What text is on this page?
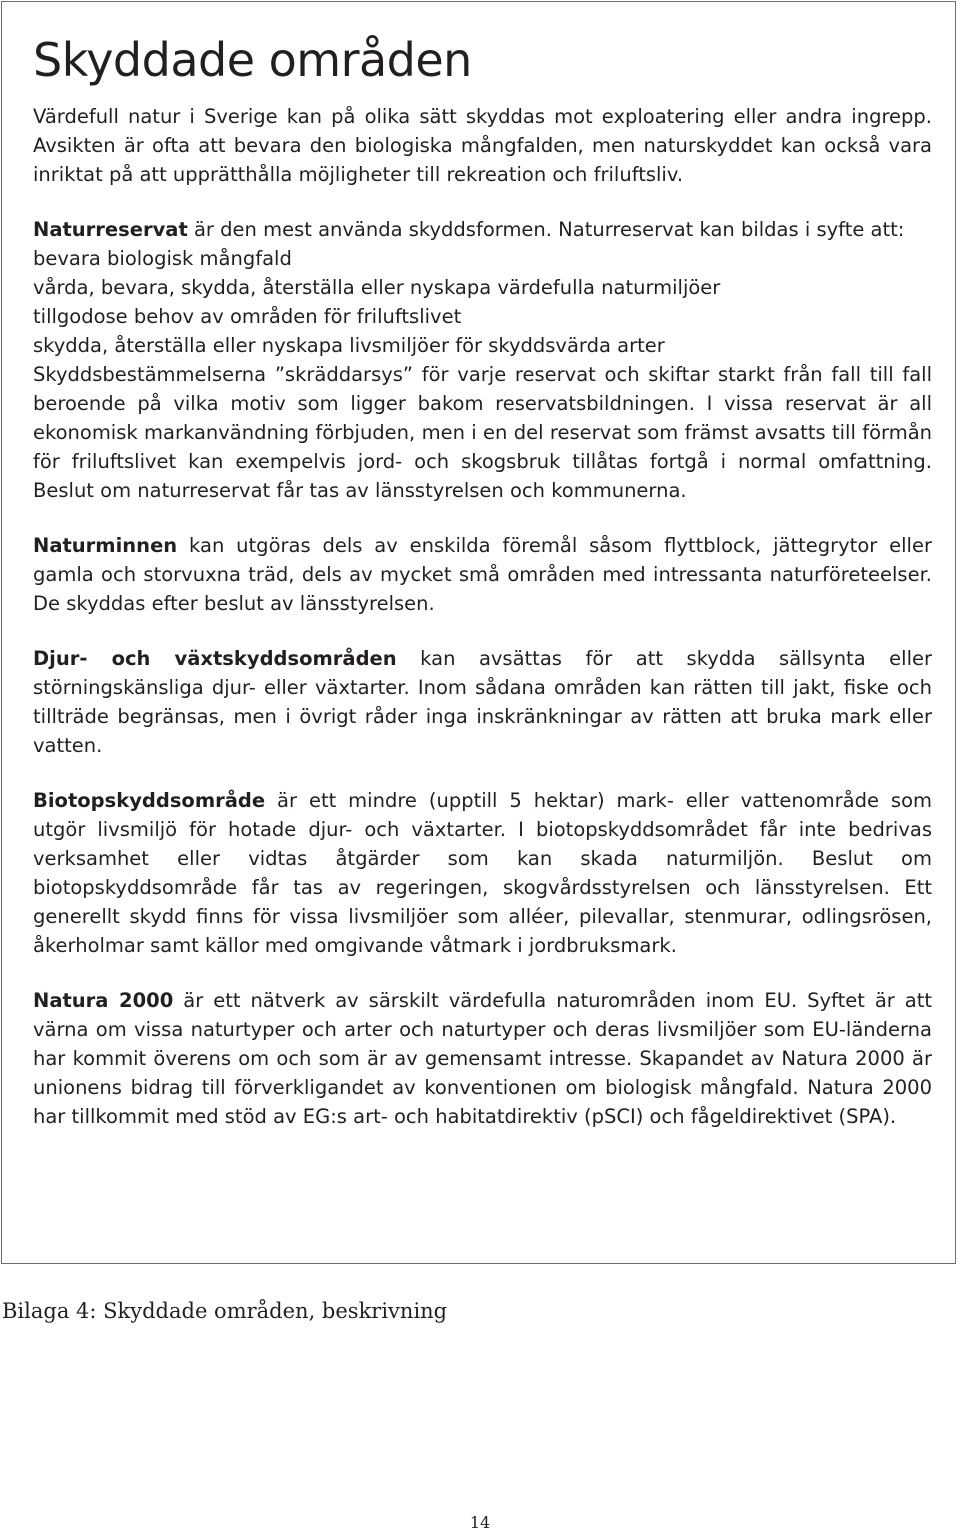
Skyddade områden

Värdefull natur i Sverige kan på olika sätt skyddas mot exploatering eller andra ingrepp. Avsikten är ofta att bevara den biologiska mångfalden, men naturskyddet kan också vara inriktat på att upprätthålla möjligheter till rekreation och friluftsliv.

Naturreservat är den mest använda skyddsformen. Naturreservat kan bildas i syfte att:

bevara biologisk mångfald
vårda, bevara, skydda, återställa eller nyskapa värdefulla naturmiljöer
tillgodose behov av områden för friluftslivet
skydda, återställa eller nyskapa livsmiljöer för skyddsvärda arter

Skyddsbestämmelserna ”skräddarsys” för varje reservat och skiftar starkt från fall till fall beroende på vilka motiv som ligger bakom reservatsbildningen. I vissa reservat är all ekonomisk markanvändning förbjuden, men i en del reservat som främst avsatts till förmån för friluftslivet kan exempelvis jord- och skogsbruk tillåtas fortgå i normal omfattning. Beslut om naturreservat får tas av länsstyrelsen och kommunerna.

Naturminnen kan utgöras dels av enskilda föremål såsom flyttblock, jättegrytor eller gamla och storvuxna träd, dels av mycket små områden med intressanta naturföreteelser. De skyddas efter beslut av länsstyrelsen.

Djur- och växtskyddsområden kan avsättas för att skydda sällsynta eller störningskänsliga djur- eller växtarter. Inom sådana områden kan rätten till jakt, fiske och tillträde begränsas, men i övrigt råder inga inskränkningar av rätten att bruka mark eller vatten.

Biotopskyddsområde är ett mindre (upptill 5 hektar) mark- eller vattenområde som utgör livsmiljö för hotade djur- och växtarter. I biotopskyddsområdet får inte bedrivas verksamhet eller vidtas åtgärder som kan skada naturmiljön. Beslut om biotopskyddsområde får tas av regeringen, skogvårdsstyrelsen och länsstyrelsen. Ett generellt skydd finns för vissa livsmiljöer som alléer, pilevallar, stenmurar, odlingsrösen, åkerholmar samt källor med omgivande våtmark i jordbruksmark.

Natura 2000 är ett nätverk av särskilt värdefulla naturområden inom EU. Syftet är att värna om vissa naturtyper och arter och naturtyper och deras livsmiljöer som EU-länderna har kommit överens om och som är av gemensamt intresse. Skapandet av Natura 2000 är unionens bidrag till förverkligandet av konventionen om biologisk mångfald. Natura 2000 har tillkommit med stöd av EG:s art- och habitatdirektiv (pSCI) och fågeldirektivet (SPA).

Bilaga 4: Skyddade områden, beskrivning

14
